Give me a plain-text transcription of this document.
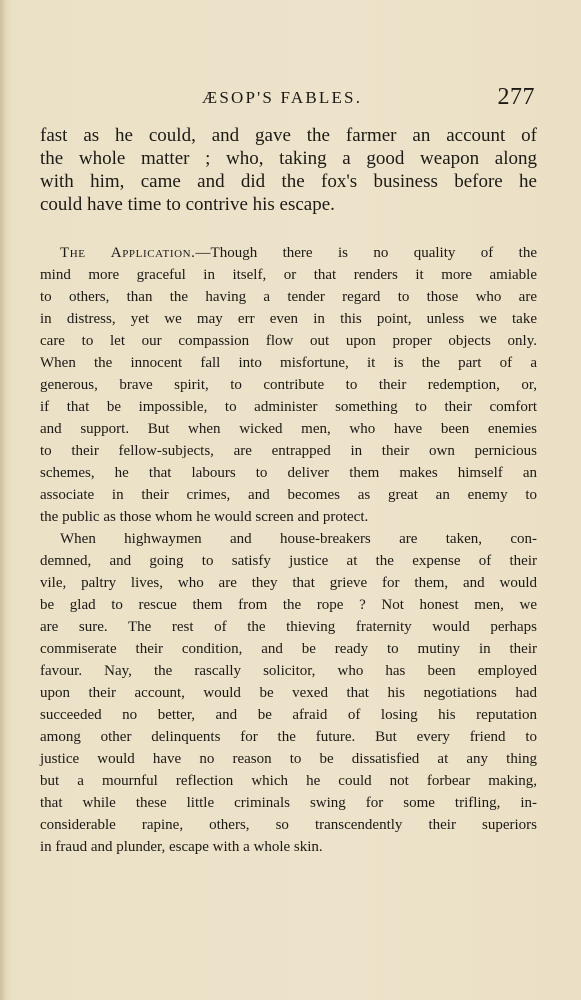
ÆSOP'S FABLES.	277

fast as he could, and gave the farmer an account of
the whole matter ; who, taking a good weapon along
with him, came and did the fox's business before he
could have time to contrive his escape.

The Application.—Though there is no quality of the
mind more graceful in itself, or that renders it more amiable
to others, than the having a tender regard to those who are
in distress, yet we may err even in this point, unless we take
care to let our compassion flow out upon proper objects only.
When the innocent fall into misfortune, it is the part of a
generous, brave spirit, to contribute to their redemption, or,
if that be impossible, to administer something to their comfort
and support. But when wicked men, who have been enemies
to their fellow-subjects, are entrapped in their own pernicious
schemes, he that labours to deliver them makes himself an
associate in their crimes, and becomes as great an enemy to
the public as those whom he would screen and protect.

When highwaymen and house-breakers are taken, con-
demned, and going to satisfy justice at the expense of their
vile, paltry lives, who are they that grieve for them, and would
be glad to rescue them from the rope ? Not honest men, we
are sure. The rest of the thieving fraternity would perhaps
commiserate their condition, and be ready to mutiny in their
favour. Nay, the rascally solicitor, who has been employed
upon their account, would be vexed that his negotiations had
succeeded no better, and be afraid of losing his reputation
among other delinquents for the future. But every friend to
justice would have no reason to be dissatisfied at any thing
but a mournful reflection which he could not forbear making,
that while these little criminals swing for some trifling, in-
considerable rapine, others, so transcendently their superiors
in fraud and plunder, escape with a whole skin.
